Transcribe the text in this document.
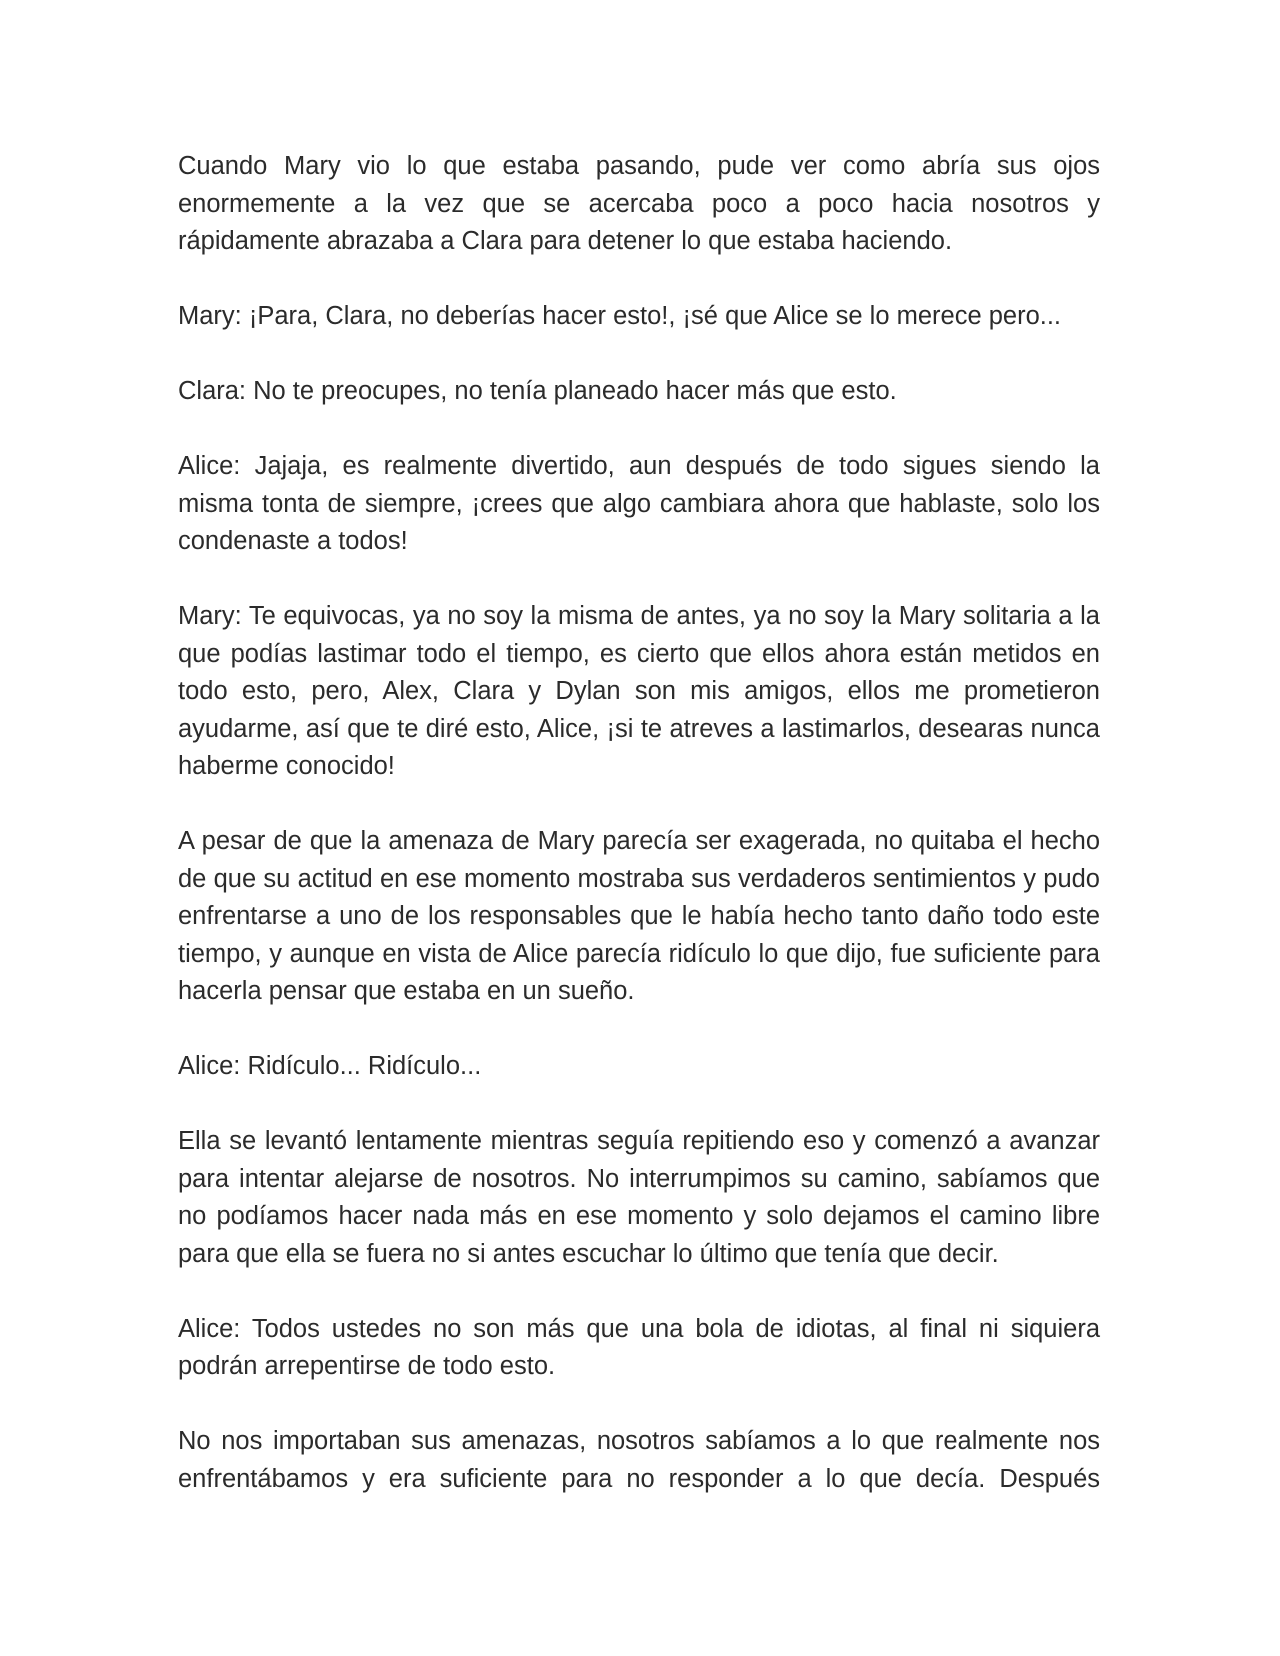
Cuando Mary vio lo que estaba pasando, pude ver como abría sus ojos enormemente a la vez que se acercaba poco a poco hacia nosotros y rápidamente abrazaba a Clara para detener lo que estaba haciendo.

Mary: ¡Para, Clara, no deberías hacer esto!, ¡sé que Alice se lo merece pero...

Clara: No te preocupes, no tenía planeado hacer más que esto.

Alice: Jajaja, es realmente divertido, aun después de todo sigues siendo la misma tonta de siempre, ¡crees que algo cambiara ahora que hablaste, solo los condenaste a todos!

Mary: Te equivocas, ya no soy la misma de antes, ya no soy la Mary solitaria a la que podías lastimar todo el tiempo, es cierto que ellos ahora están metidos en todo esto, pero, Alex, Clara y Dylan son mis amigos, ellos me prometieron ayudarme, así que te diré esto, Alice, ¡si te atreves a lastimarlos, desearas nunca haberme conocido!

A pesar de que la amenaza de Mary parecía ser exagerada, no quitaba el hecho de que su actitud en ese momento mostraba sus verdaderos sentimientos y pudo enfrentarse a uno de los responsables que le había hecho tanto daño todo este tiempo, y aunque en vista de Alice parecía ridículo lo que dijo, fue suficiente para hacerla pensar que estaba en un sueño.

Alice: Ridículo... Ridículo...

Ella se levantó lentamente mientras seguía repitiendo eso y comenzó a avanzar para intentar alejarse de nosotros. No interrumpimos su camino, sabíamos que no podíamos hacer nada más en ese momento y solo dejamos el camino libre para que ella se fuera no si antes escuchar lo último que tenía que decir.

Alice: Todos ustedes no son más que una bola de idiotas, al final ni siquiera podrán arrepentirse de todo esto.

No nos importaban sus amenazas, nosotros sabíamos a lo que realmente nos enfrentábamos y era suficiente para no responder a lo que decía. Después
